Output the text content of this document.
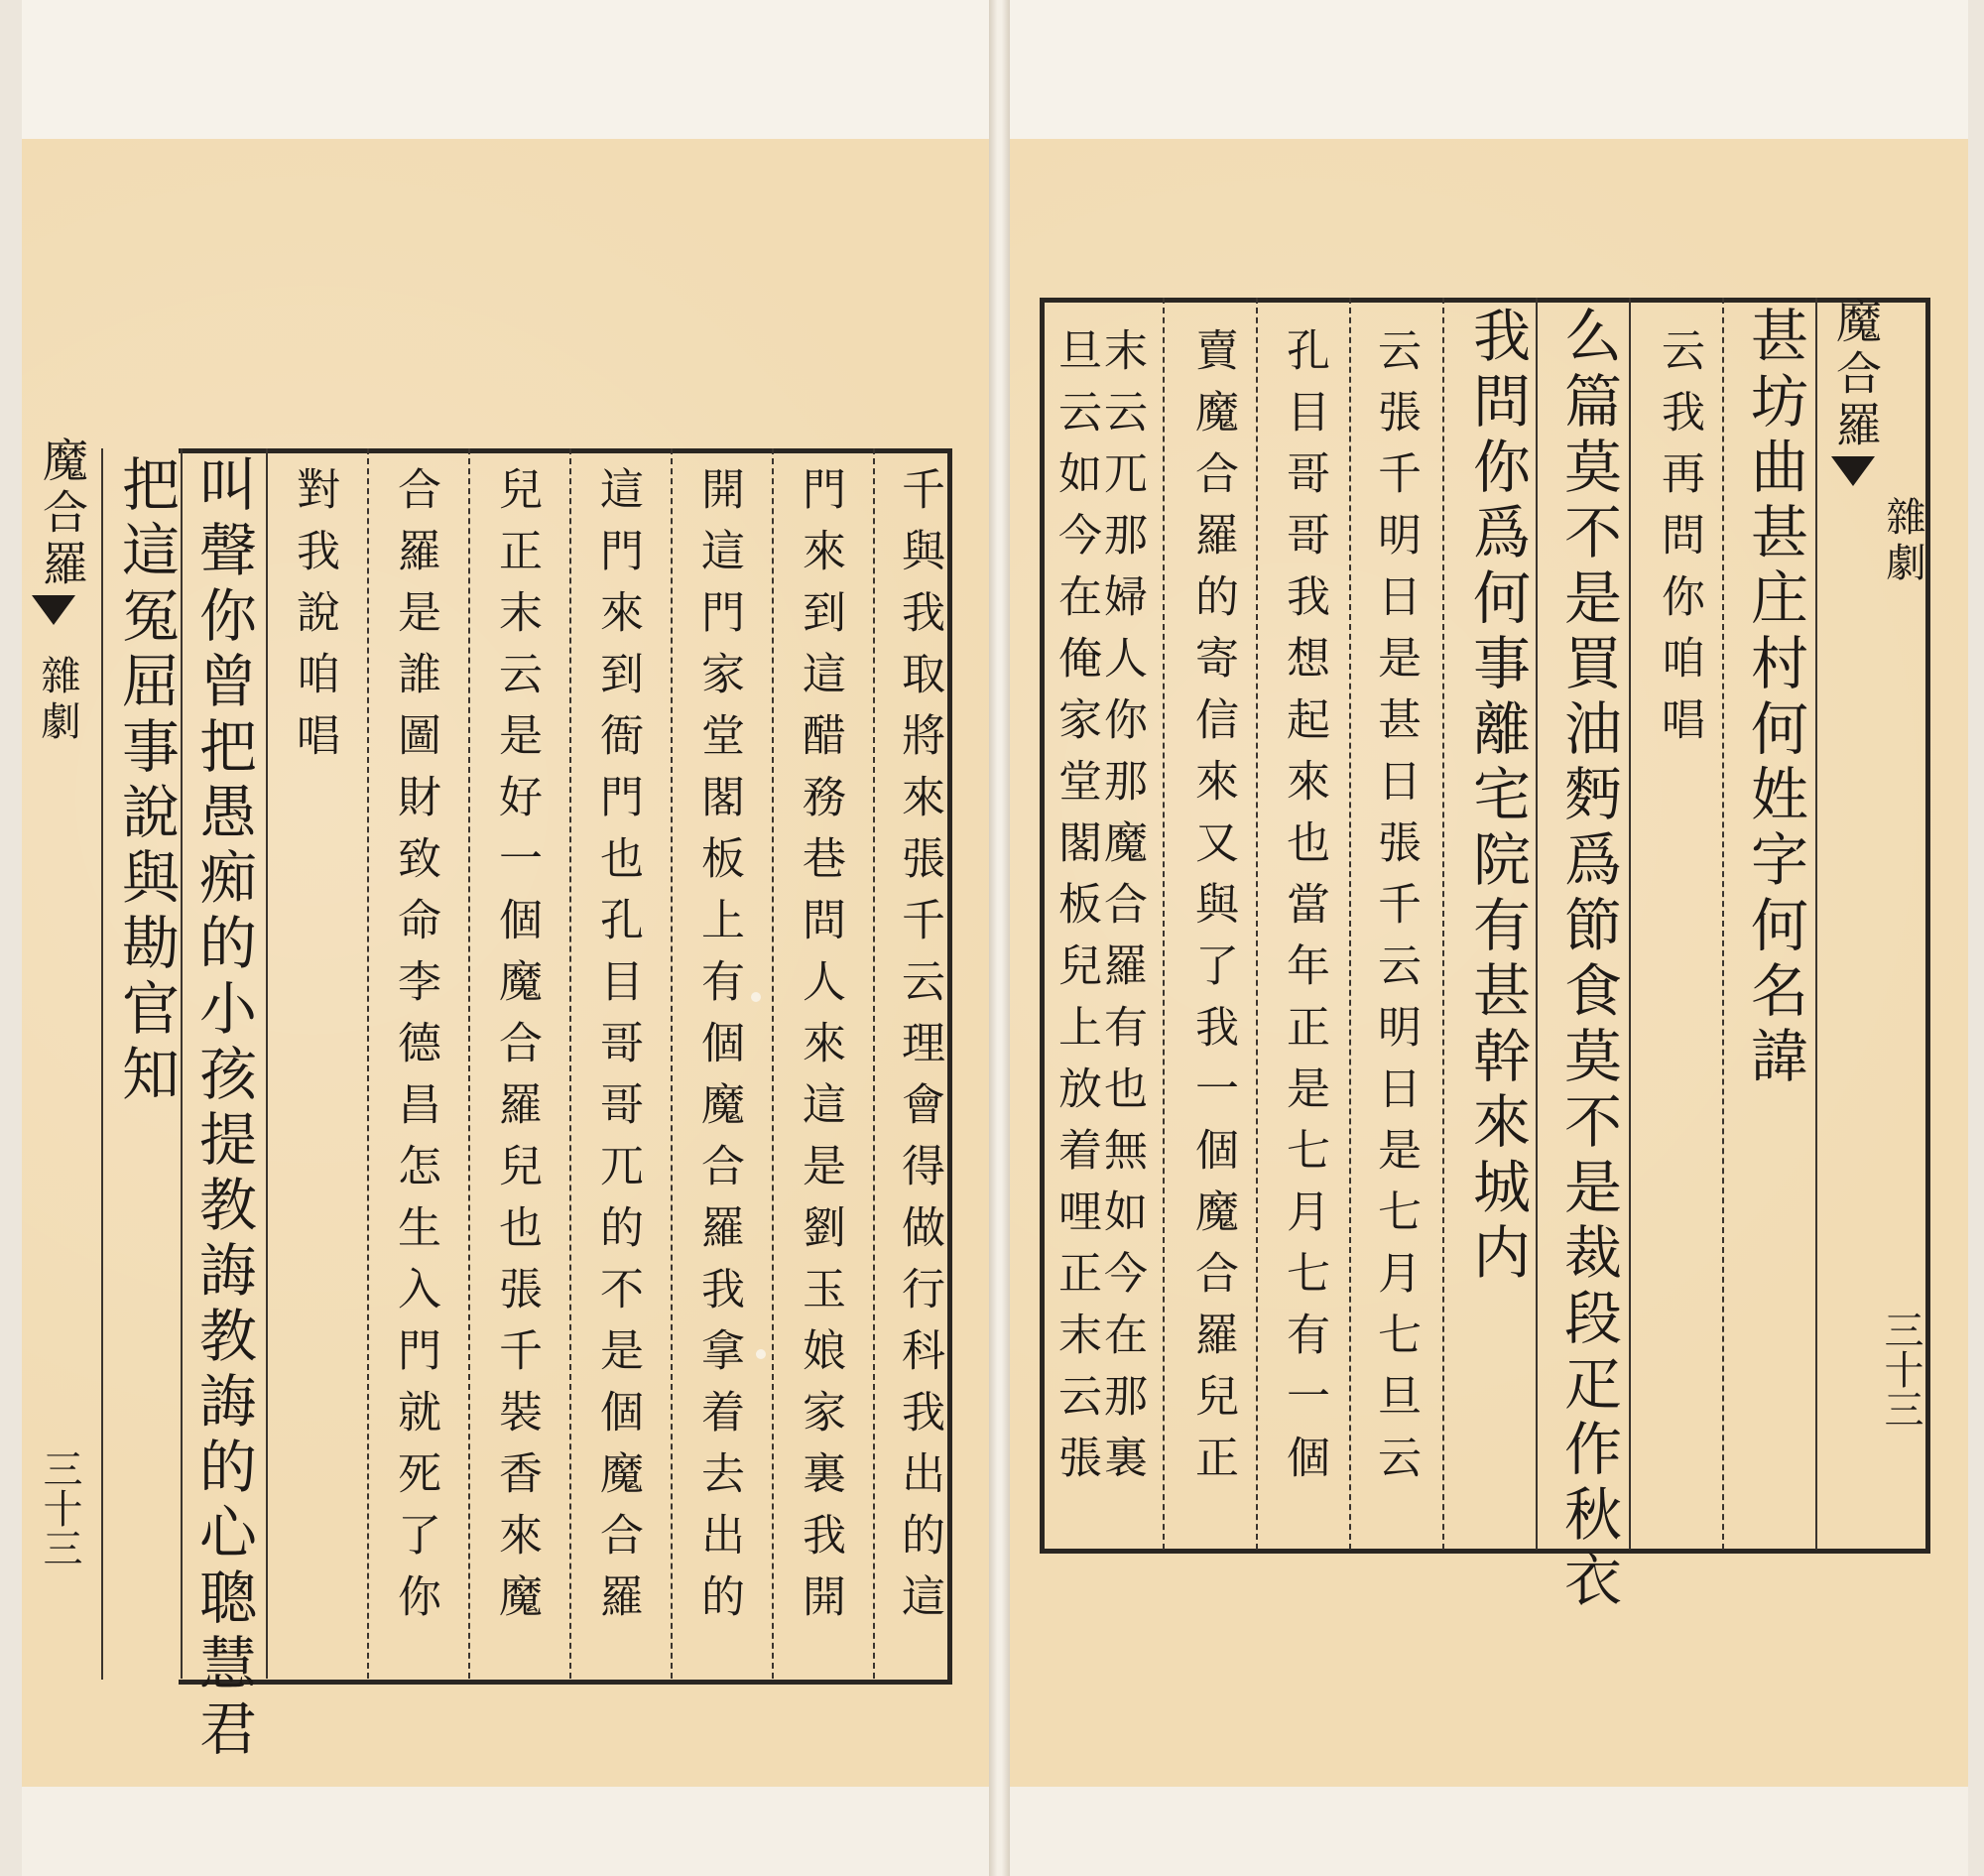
魔合羅
雜劇
三十三	千與我取將來張千云理會得做行科我出的這
門來到這醋務巷問人來這是劉玉娘家裏我開
開這門家堂閣板上有個魔合羅我拿着去出的
這門來到衙門也孔目哥哥兀的不是個魔合羅
兒正末云是好一個魔合羅兒也張千裝香來魔
合羅是誰圖財致命李德昌怎生入門就死了你
對我說咱唱
叫聲你曾把愚痴的小孩提教誨教誨的心聰慧君
把這冤屈事說與勘官知
魔合羅
雜劇
三十三
甚坊曲甚庄村何姓字何名諱
云我再問你咱唱
么篇莫不是買油麪爲節食莫不是裁段疋作秋衣
我問你爲何事離宅院有甚幹來城内
云張千明日是甚日張千云明日是七月七旦云
孔目哥哥我想起來也當年正是七月七有一個
賣魔合羅的寄信來又與了我一個魔合羅兒正
末云兀那婦人你那魔合羅有也無如今在那裏
旦云如今在俺家堂閣板兒上放着哩正末云張
